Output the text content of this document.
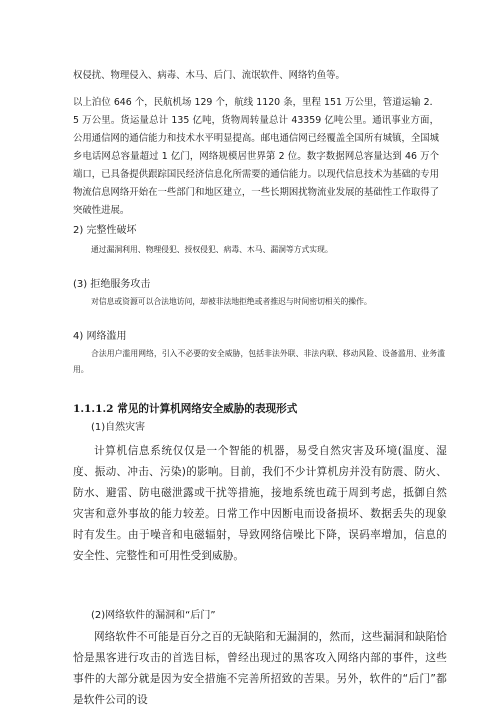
权侵扰、物理侵入、病毒、木马、后门、流氓软件、网络钓鱼等。

以上泊位 646 个，民航机场 129 个，航线 1120 条，里程 151 万公里，管道运输 2．5 万公里。货运量总计 135 亿吨，货物周转量总计 43359 亿吨公里。通讯事业方面，公用通信网的通信能力和技术水平明显提高。邮电通信网已经覆盖全国所有城镇，全国城乡电话网总容量超过 1 亿门，网络规模居世界第 2 位。数字数据网总容量达到 46 万个端口，已具备提供跟踪国民经济信息化所需要的通信能力。以现代信息技术为基础的专用物流信息网络开始在一些部门和地区建立，一些长期困扰物流业发展的基础性工作取得了突破性进展。

2) 完整性破坏

通过漏洞利用、物理侵犯、授权侵犯、病毒、木马、漏洞等方式实现。

(3) 拒绝服务攻击

对信息或资源可以合法地访问，却被非法地拒绝或者推迟与时间密切相关的操作。

4) 网络滥用

合法用户滥用网络，引入不必要的安全威胁，包括非法外联、非法内联、移动风险、设备滥用、业务滥用。

1.1.1.2 常见的计算机网络安全威胁的表现形式

(1)自然灾害

计算机信息系统仅仅是一个智能的机器，易受自然灾害及环境(温度、湿度、振动、冲击、污染)的影响。目前，我们不少计算机房并没有防震、防火、防水、避雷、防电磁泄露或干扰等措施，接地系统也疏于周到考虑，抵御自然灾害和意外事故的能力较差。日常工作中因断电而设备损坏、数据丢失的现象时有发生。由于噪音和电磁辐射，导致网络信噪比下降，误码率增加，信息的安全性、完整性和可用性受到威胁。

(2)网络软件的漏洞和“后门”

网络软件不可能是百分之百的无缺陷和无漏洞的，然而，这些漏洞和缺陷恰恰是黑客进行攻击的首选目标，曾经出现过的黑客攻入网络内部的事件，这些事件的大部分就是因为安全措施不完善所招致的苦果。另外，软件的“后门”都是软件公司的设
